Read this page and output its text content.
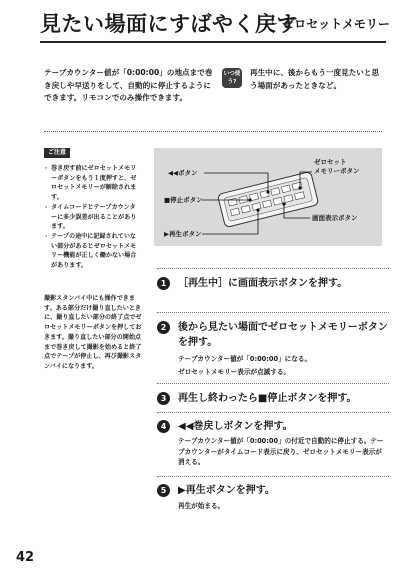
見たい場面にすばやく戻す
－ ゼロセットメモリー
テープカウンター値が「0:00:00」の地点まで巻き戻しや早送りをして、自動的に停止するようにできます。リモコンでのみ操作できます。
いつ使う?
再生中に、後からもう一度見たいと思う場面があったときなど。
ご注意
· 巻き戻す前にゼロセットメモリーボタンをもう１度押すと、ゼロセットメモリーが解除されます。
· タイムコードとテープカウンターに多少誤差が出ることがあります。
· テープの途中に記録されていない部分があるとゼロセットメモリー機能が正しく働かない場合があります。
撮影スタンバイ中にも操作できます。ある部分だけ撮り直したいときに、撮り直したい部分の終了点でゼロセットメモリーボタンを押しておきます。撮り直したい部分の開始点まで巻き戻して撮影を始めると終了点でテープが停止し、再び撮影スタンバイになります。
◀◀ボタン
■停止ボタン
▶再生ボタン
ゼロセット
メモリーボタン
画面表示ボタン
1	［再生中］に画面表示ボタンを押す。
2	後から見たい場面でゼロセットメモリーボタンを押す。
テープカウンター値が「0:00:00」になる。
ゼロセットメモリー表示が点滅する。
3	再生し終わったら■停止ボタンを押す。
4	◀◀巻戻しボタンを押す。
テープカウンター値が「0:00:00」の付近で自動的に停止する。テープカウンターがタイムコード表示に戻り、ゼロセットメモリー表示が消える。
5	▶再生ボタンを押す。
再生が始まる。
42
